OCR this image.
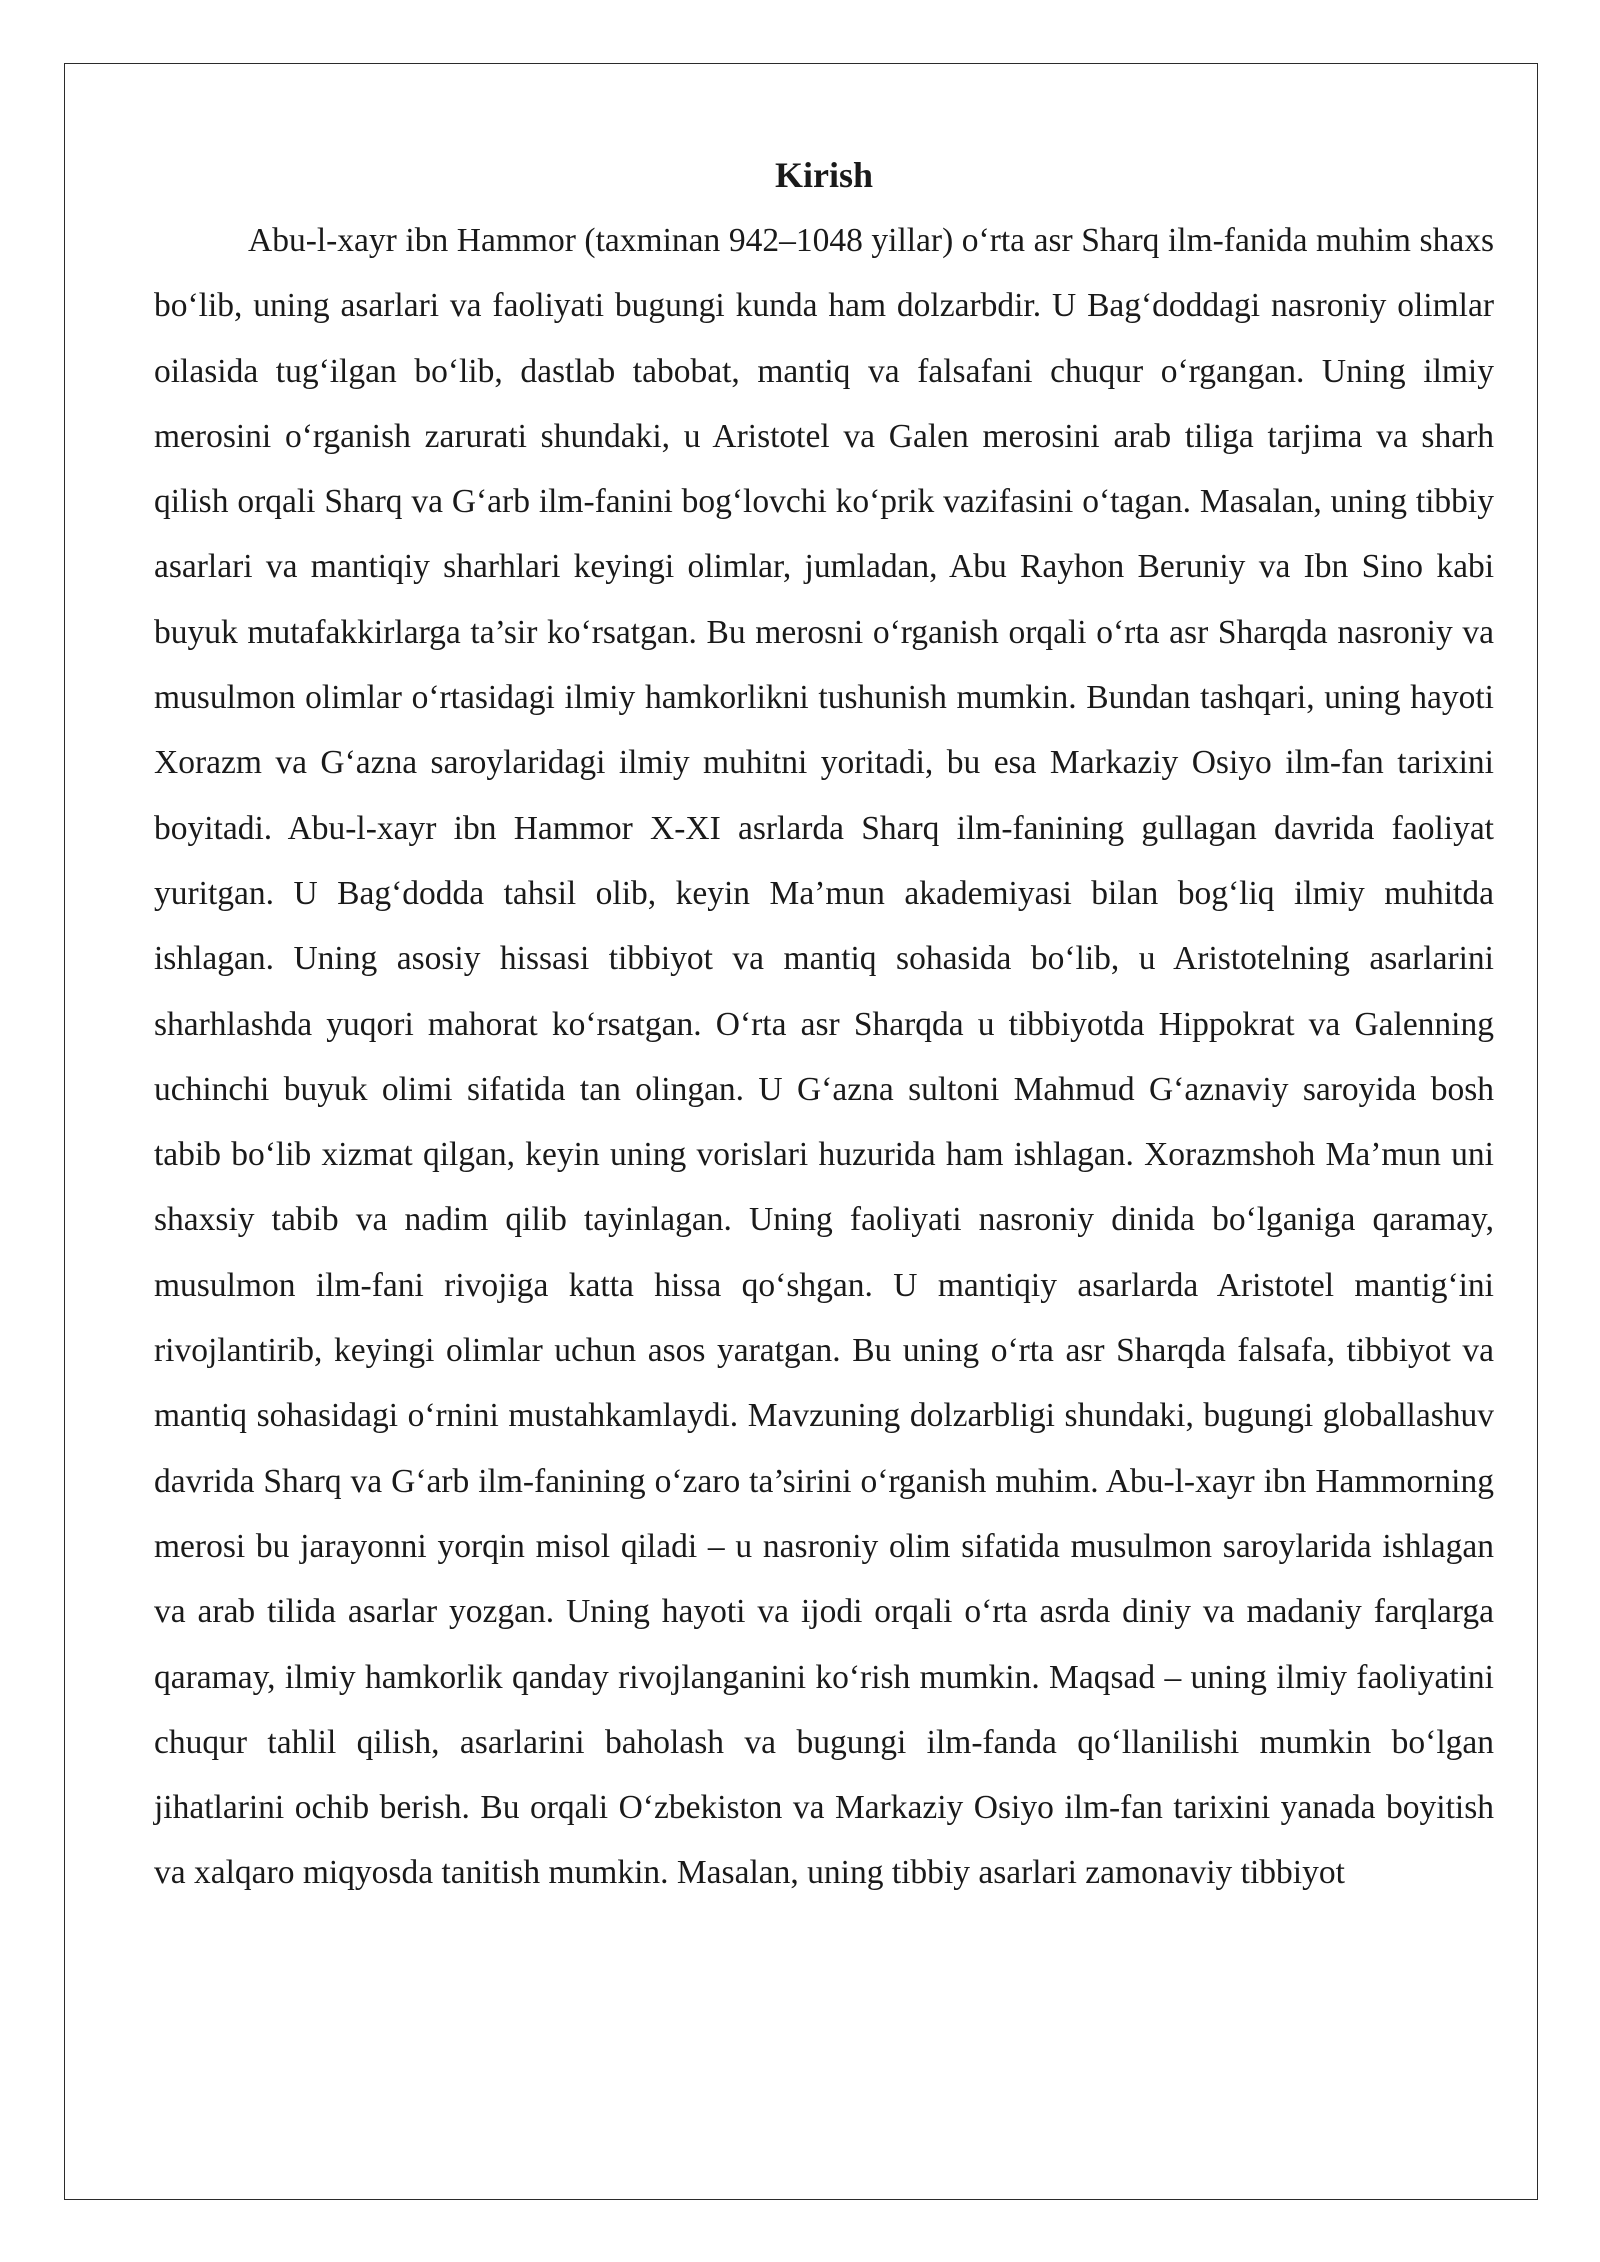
Kirish

Abu-l-xayr ibn Hammor (taxminan 942–1048 yillar) oʻrta asr Sharq ilm-fanida muhim shaxs boʻlib, uning asarlari va faoliyati bugungi kunda ham dolzarbdir. U Bagʻdoddagi nasroniy olimlar oilasida tugʻilgan boʻlib, dastlab tabobat, mantiq va falsafani chuqur oʻrgangan. Uning ilmiy merosini oʻrganish zarurati shundaki, u Aristotel va Galen merosini arab tiliga tarjima va sharh qilish orqali Sharq va Gʻarb ilm-fanini bogʻlovchi koʻprik vazifasini oʻtagan. Masalan, uning tibbiy asarlari va mantiqiy sharhlari keyingi olimlar, jumladan, Abu Rayhon Beruniy va Ibn Sino kabi buyuk mutafakkirlarga ta’sir koʻrsatgan. Bu merosni oʻrganish orqali oʻrta asr Sharqda nasroniy va musulmon olimlar oʻrtasidagi ilmiy hamkorlikni tushunish mumkin. Bundan tashqari, uning hayoti Xorazm va Gʻazna saroylaridagi ilmiy muhitni yoritadi, bu esa Markaziy Osiyo ilm-fan tarixini boyitadi. Abu-l-xayr ibn Hammor X-XI asrlarda Sharq ilm-fanining gullagan davrida faoliyat yuritgan. U Bagʻdodda tahsil olib, keyin Ma’mun akademiyasi bilan bogʻliq ilmiy muhitda ishlagan. Uning asosiy hissasi tibbiyot va mantiq sohasida boʻlib, u Aristotelning asarlarini sharhlashda yuqori mahorat koʻrsatgan. Oʻrta asr Sharqda u tibbiyotda Hippokrat va Galenning uchinchi buyuk olimi sifatida tan olingan. U Gʻazna sultoni Mahmud Gʻaznaviy saroyida bosh tabib boʻlib xizmat qilgan, keyin uning vorislari huzurida ham ishlagan. Xorazmshoh Ma’mun uni shaxsiy tabib va nadim qilib tayinlagan. Uning faoliyati nasroniy dinida boʻlganiga qaramay, musulmon ilm-fani rivojiga katta hissa qoʻshgan. U mantiqiy asarlarda Aristotel mantigʻini rivojlantirib, keyingi olimlar uchun asos yaratgan. Bu uning oʻrta asr Sharqda falsafa, tibbiyot va mantiq sohasidagi oʻrnini mustahkamlaydi. Mavzuning dolzarbligi shundaki, bugungi globallashuv davrida Sharq va Gʻarb ilm-fanining oʻzaro ta’sirini oʻrganish muhim. Abu-l-xayr ibn Hammorning merosi bu jarayonni yorqin misol qiladi – u nasroniy olim sifatida musulmon saroylarida ishlagan va arab tilida asarlar yozgan. Uning hayoti va ijodi orqali oʻrta asrda diniy va madaniy farqlarga qaramay, ilmiy hamkorlik qanday rivojlanganini koʻrish mumkin. Maqsad – uning ilmiy faoliyatini chuqur tahlil qilish, asarlarini baholash va bugungi ilm-fanda qoʻllanilishi mumkin boʻlgan jihatlarini ochib berish. Bu orqali Oʻzbekiston va Markaziy Osiyo ilm-fan tarixini yanada boyitish va xalqaro miqyosda tanitish mumkin. Masalan, uning tibbiy asarlari zamonaviy tibbiyot
